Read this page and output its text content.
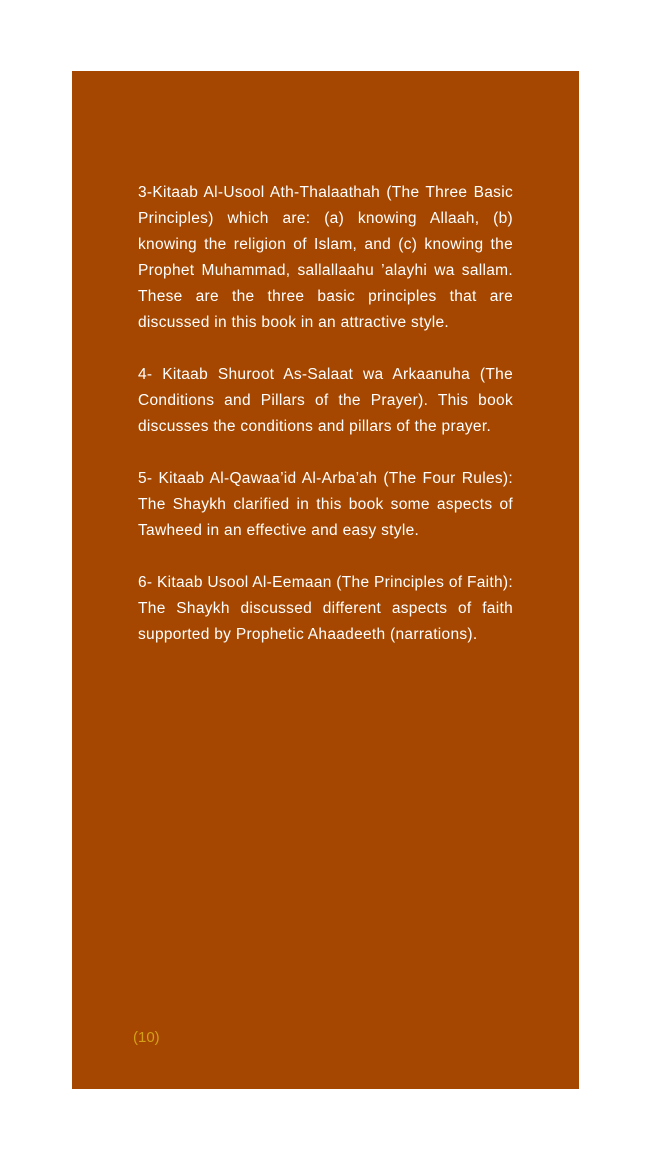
3-Kitaab Al-Usool Ath-Thalaathah (The Three Basic Principles) which are: (a) knowing Allaah, (b) knowing the religion of Islam, and (c) knowing the Prophet Muhammad, sallallaahu ’alayhi wa sallam. These are the three basic principles that are discussed in this book in an attractive style.

4- Kitaab Shuroot As-Salaat wa Arkaanuha (The Conditions and Pillars of the Prayer). This book discusses the conditions and pillars of the prayer.

5- Kitaab Al-Qawaa’id Al-Arba’ah (The Four Rules): The Shaykh clarified in this book some aspects of Tawheed in an effective and easy style.

6- Kitaab Usool Al-Eemaan (The Principles of Faith): The Shaykh discussed different aspects of faith supported by Prophetic Ahaadeeth (narrations).

(10)
